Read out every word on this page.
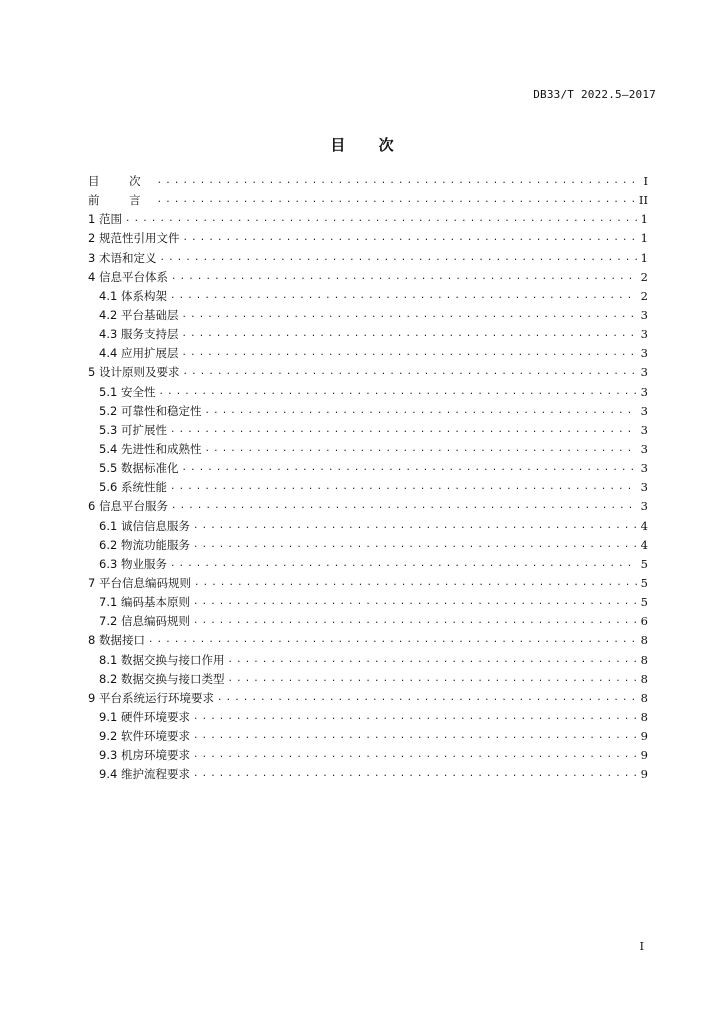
DB33/T 2022.5—2017
目 次
目 次 .....	I
前 言 .....	II
1 范围 .....	1
2 规范性引用文件 .....	1
3 术语和定义 .....	1
4 信息平台体系 .....	2
4.1 体系构架 .....	2
4.2 平台基础层 .....	3
4.3 服务支持层 .....	3
4.4 应用扩展层 .....	3
5 设计原则及要求 .....	3
5.1 安全性 .....	3
5.2 可靠性和稳定性 .....	3
5.3 可扩展性 .....	3
5.4 先进性和成熟性 .....	3
5.5 数据标准化 .....	3
5.6 系统性能 .....	3
6 信息平台服务 .....	3
6.1 诚信信息服务 .....	4
6.2 物流功能服务 .....	4
6.3 物业服务 .....	5
7 平台信息编码规则 .....	5
7.1 编码基本原则 .....	5
7.2 信息编码规则 .....	6
8 数据接口 .....	8
8.1 数据交换与接口作用 .....	8
8.2 数据交换与接口类型 .....	8
9 平台系统运行环境要求 .....	8
9.1 硬件环境要求 .....	8
9.2 软件环境要求 .....	9
9.3 机房环境要求 .....	9
9.4 维护流程要求 .....	9
I
